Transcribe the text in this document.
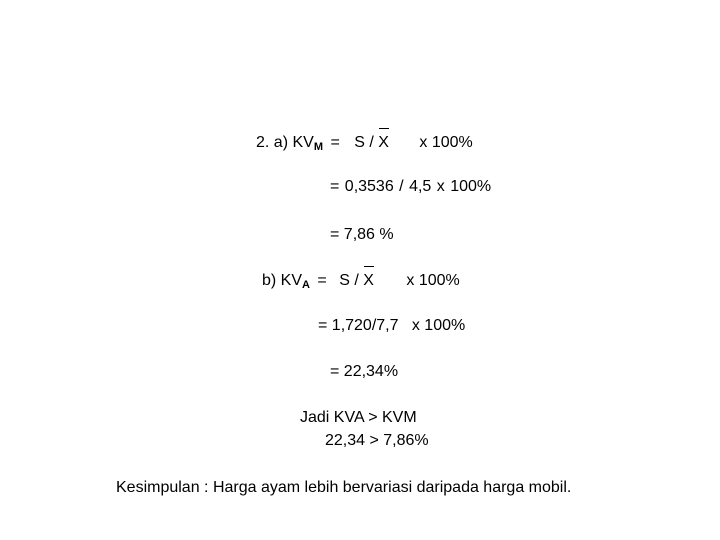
2. a) KVM = S / X x 100%
= 0,3536 / 4,5 x 100%
= 7,86 %
b) KVA = S / X x 100%
= 1,720/7,7   x 100%
= 22,34%
Jadi KVA > KVM
22,34 > 7,86%
Kesimpulan : Harga ayam lebih bervariasi daripada harga mobil.
